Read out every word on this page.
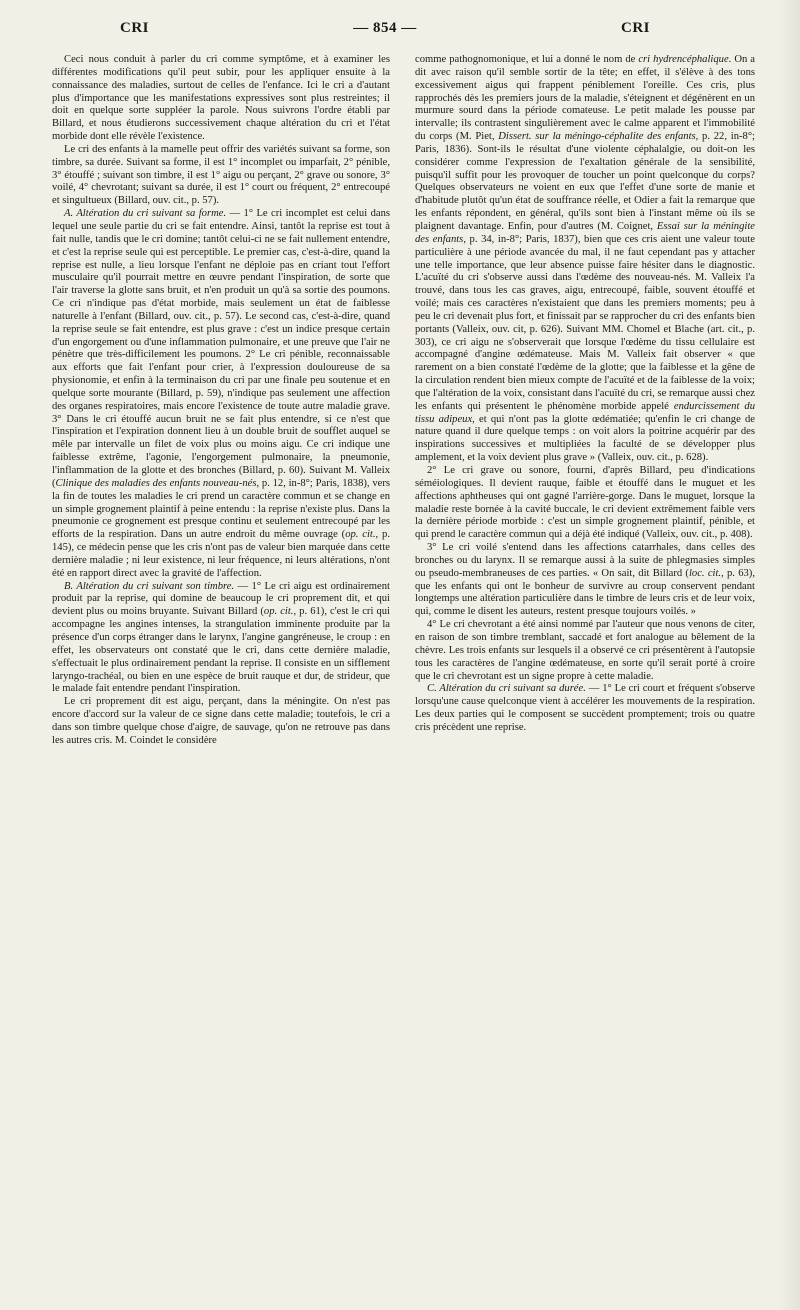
CRI	— 854 —	CRI

Ceci nous conduit à parler du cri comme symptôme, et à examiner les différentes modifications qu'il peut subir, pour les appliquer ensuite à la connaissance des maladies, surtout de celles de l'enfance. Ici le cri a d'autant plus d'importance que les manifestations expressives sont plus restreintes; il doit en quelque sorte suppléer la parole. Nous suivrons l'ordre établi par Billard, et nous étudierons successivement chaque altération du cri et l'état morbide dont elle révèle l'existence.

Le cri des enfants à la mamelle peut offrir des variétés suivant sa forme, son timbre, sa durée. Suivant sa forme, il est 1° incomplet ou imparfait, 2° pénible, 3° étouffé ; suivant son timbre, il est 1° aigu ou perçant, 2° grave ou sonore, 3° voilé, 4° chevrotant; suivant sa durée, il est 1° court ou fréquent, 2° entrecoupé et singultueux (Billard, ouv. cit., p. 57).

A. Altération du cri suivant sa forme. — 1° Le cri incomplet est celui dans lequel une seule partie du cri se fait entendre. Ainsi, tantôt la reprise est tout à fait nulle, tandis que le cri domine; tantôt celui-ci ne se fait nullement entendre, et c'est la reprise seule qui est perceptible. Le premier cas, c'est-à-dire, quand la reprise est nulle, a lieu lorsque l'enfant ne déploie pas en criant tout l'effort musculaire qu'il pourrait mettre en œuvre pendant l'inspiration, de sorte que l'air traverse la glotte sans bruit, et n'en produit un qu'à sa sortie des poumons. Ce cri n'indique pas d'état morbide, mais seulement un état de faiblesse naturelle à l'enfant (Billard, ouv. cit., p. 57). Le second cas, c'est-à-dire, quand la reprise seule se fait entendre, est plus grave : c'est un indice presque certain d'un engorgement ou d'une inflammation pulmonaire, et une preuve que l'air ne pénètre que très-difficilement les poumons. 2° Le cri pénible, reconnaissable aux efforts que fait l'enfant pour crier, à l'expression douloureuse de sa physionomie, et enfin à la terminaison du cri par une finale peu soutenue et en quelque sorte mourante (Billard, p. 59), n'indique pas seulement une affection des organes respiratoires, mais encore l'existence de toute autre maladie grave. 3° Dans le cri étouffé aucun bruit ne se fait plus entendre, si ce n'est que l'inspiration et l'expiration donnent lieu à un double bruit de soufflet auquel se mêle par intervalle un filet de voix plus ou moins aigu. Ce cri indique une faiblesse extrême, l'agonie, l'engorgement pulmonaire, la pneumonie, l'inflammation de la glotte et des bronches (Billard, p. 60). Suivant M. Valleix (Clinique des maladies des enfants nouveau-nés, p. 12, in-8°; Paris, 1838), vers la fin de toutes les maladies le cri prend un caractère commun et se change en un simple grognement plaintif à peine entendu : la reprise n'existe plus. Dans la pneumonie ce grognement est presque continu et seulement entrecoupé par les efforts de la respiration. Dans un autre endroit du même ouvrage (op. cit., p. 145), ce médecin pense que les cris n'ont pas de valeur bien marquée dans cette dernière maladie ; ni leur existence, ni leur fréquence, ni leurs altérations, n'ont été en rapport direct avec la gravité de l'affection.

B. Altération du cri suivant son timbre. — 1° Le cri aigu est ordinairement produit par la reprise, qui domine de beaucoup le cri proprement dit, et qui devient plus ou moins bruyante. Suivant Billard (op. cit., p. 61), c'est le cri qui accompagne les angines intenses, la strangulation imminente produite par la présence d'un corps étranger dans le larynx, l'angine gangréneuse, le croup : en effet, les observateurs ont constaté que le cri, dans cette dernière maladie, s'effectuait le plus ordinairement pendant la reprise. Il consiste en un sifflement laryngo-trachéal, ou bien en une espèce de bruit rauque et dur, de strideur, que le malade fait entendre pendant l'inspiration.

Le cri proprement dit est aigu, perçant, dans la méningite. On n'est pas encore d'accord sur la valeur de ce signe dans cette maladie; toutefois, le cri a dans son timbre quelque chose d'aigre, de sauvage, qu'on ne retrouve pas dans les autres cris. M. Coindet le considère

comme pathognomonique, et lui a donné le nom de cri hydrencéphalique. On a dit avec raison qu'il semble sortir de la tête; en effet, il s'élève à des tons excessivement aigus qui frappent péniblement l'oreille. Ces cris, plus rapprochés dès les premiers jours de la maladie, s'éteignent et dégénèrent en un murmure sourd dans la période comateuse. Le petit malade les pousse par intervalle; ils contrastent singulièrement avec le calme apparent et l'immobilité du corps (M. Piet, Dissert. sur la méningo-céphalite des enfants, p. 22, in-8°; Paris, 1836). Sont-ils le résultat d'une violente céphalalgie, ou doit-on les considérer comme l'expression de l'exaltation générale de la sensibilité, puisqu'il suffit pour les provoquer de toucher un point quelconque du corps? Quelques observateurs ne voient en eux que l'effet d'une sorte de manie et d'habitude plutôt qu'un état de souffrance réelle, et Odier a fait la remarque que les enfants répondent, en général, qu'ils sont bien à l'instant même où ils se plaignent davantage. Enfin, pour d'autres (M. Coignet, Essai sur la méningite des enfants, p. 34, in-8°; Paris, 1837), bien que ces cris aient une valeur toute particulière à une période avancée du mal, il ne faut cependant pas y attacher une telle importance, que leur absence puisse faire hésiter dans le diagnostic. L'acuïté du cri s'observe aussi dans l'œdème des nouveau-nés. M. Valleix l'a trouvé, dans tous les cas graves, aigu, entrecoupé, faible, souvent étouffé et voilé; mais ces caractères n'existaient que dans les premiers moments; peu à peu le cri devenait plus fort, et finissait par se rapprocher du cri des enfants bien portants (Valleix, ouv. cit, p. 626). Suivant MM. Chomel et Blache (art. cit., p. 303), ce cri aigu ne s'observerait que lorsque l'œdème du tissu cellulaire est accompagné d'angine œdémateuse. Mais M. Valleix fait observer « que rarement on a bien constaté l'œdème de la glotte; que la faiblesse et la gêne de la circulation rendent bien mieux compte de l'acuïté et de la faiblesse de la voix; que l'altération de la voix, consistant dans l'acuïté du cri, se remarque aussi chez les enfants qui présentent le phénomène morbide appelé endurcissement du tissu adipeux, et qui n'ont pas la glotte œdématiée; qu'enfin le cri change de nature quand il dure quelque temps : on voit alors la poitrine acquérir par des inspirations successives et multipliées la faculté de se développer plus amplement, et la voix devient plus grave » (Valleix, ouv. cit., p. 628).

2° Le cri grave ou sonore, fourni, d'après Billard, peu d'indications séméiologiques. Il devient rauque, faible et étouffé dans le muguet et les affections aphtheuses qui ont gagné l'arrière-gorge. Dans le muguet, lorsque la maladie reste bornée à la cavité buccale, le cri devient extrêmement faible vers la dernière période morbide : c'est un simple grognement plaintif, pénible, et qui prend le caractère commun qui a déjà été indiqué (Valleix, ouv. cit., p. 408).

3° Le cri voilé s'entend dans les affections catarrhales, dans celles des bronches ou du larynx. Il se remarque aussi à la suite de phlegmasies simples ou pseudo-membraneuses de ces parties. « On sait, dit Billard (loc. cit., p. 63), que les enfants qui ont le bonheur de survivre au croup conservent pendant longtemps une altération particulière dans le timbre de leurs cris et de leur voix, qui, comme le disent les auteurs, restent presque toujours voilés. »

4° Le cri chevrotant a été ainsi nommé par l'auteur que nous venons de citer, en raison de son timbre tremblant, saccadé et fort analogue au bêlement de la chèvre. Les trois enfants sur lesquels il a observé ce cri présentèrent à l'autopsie tous les caractères de l'angine œdémateuse, en sorte qu'il serait porté à croire que le cri chevrotant est un signe propre à cette maladie.

C. Altération du cri suivant sa durée. — 1° Le cri court et fréquent s'observe lorsqu'une cause quelconque vient à accélérer les mouvements de la respiration. Les deux parties qui le composent se succèdent promptement; trois ou quatre cris précèdent une reprise.
